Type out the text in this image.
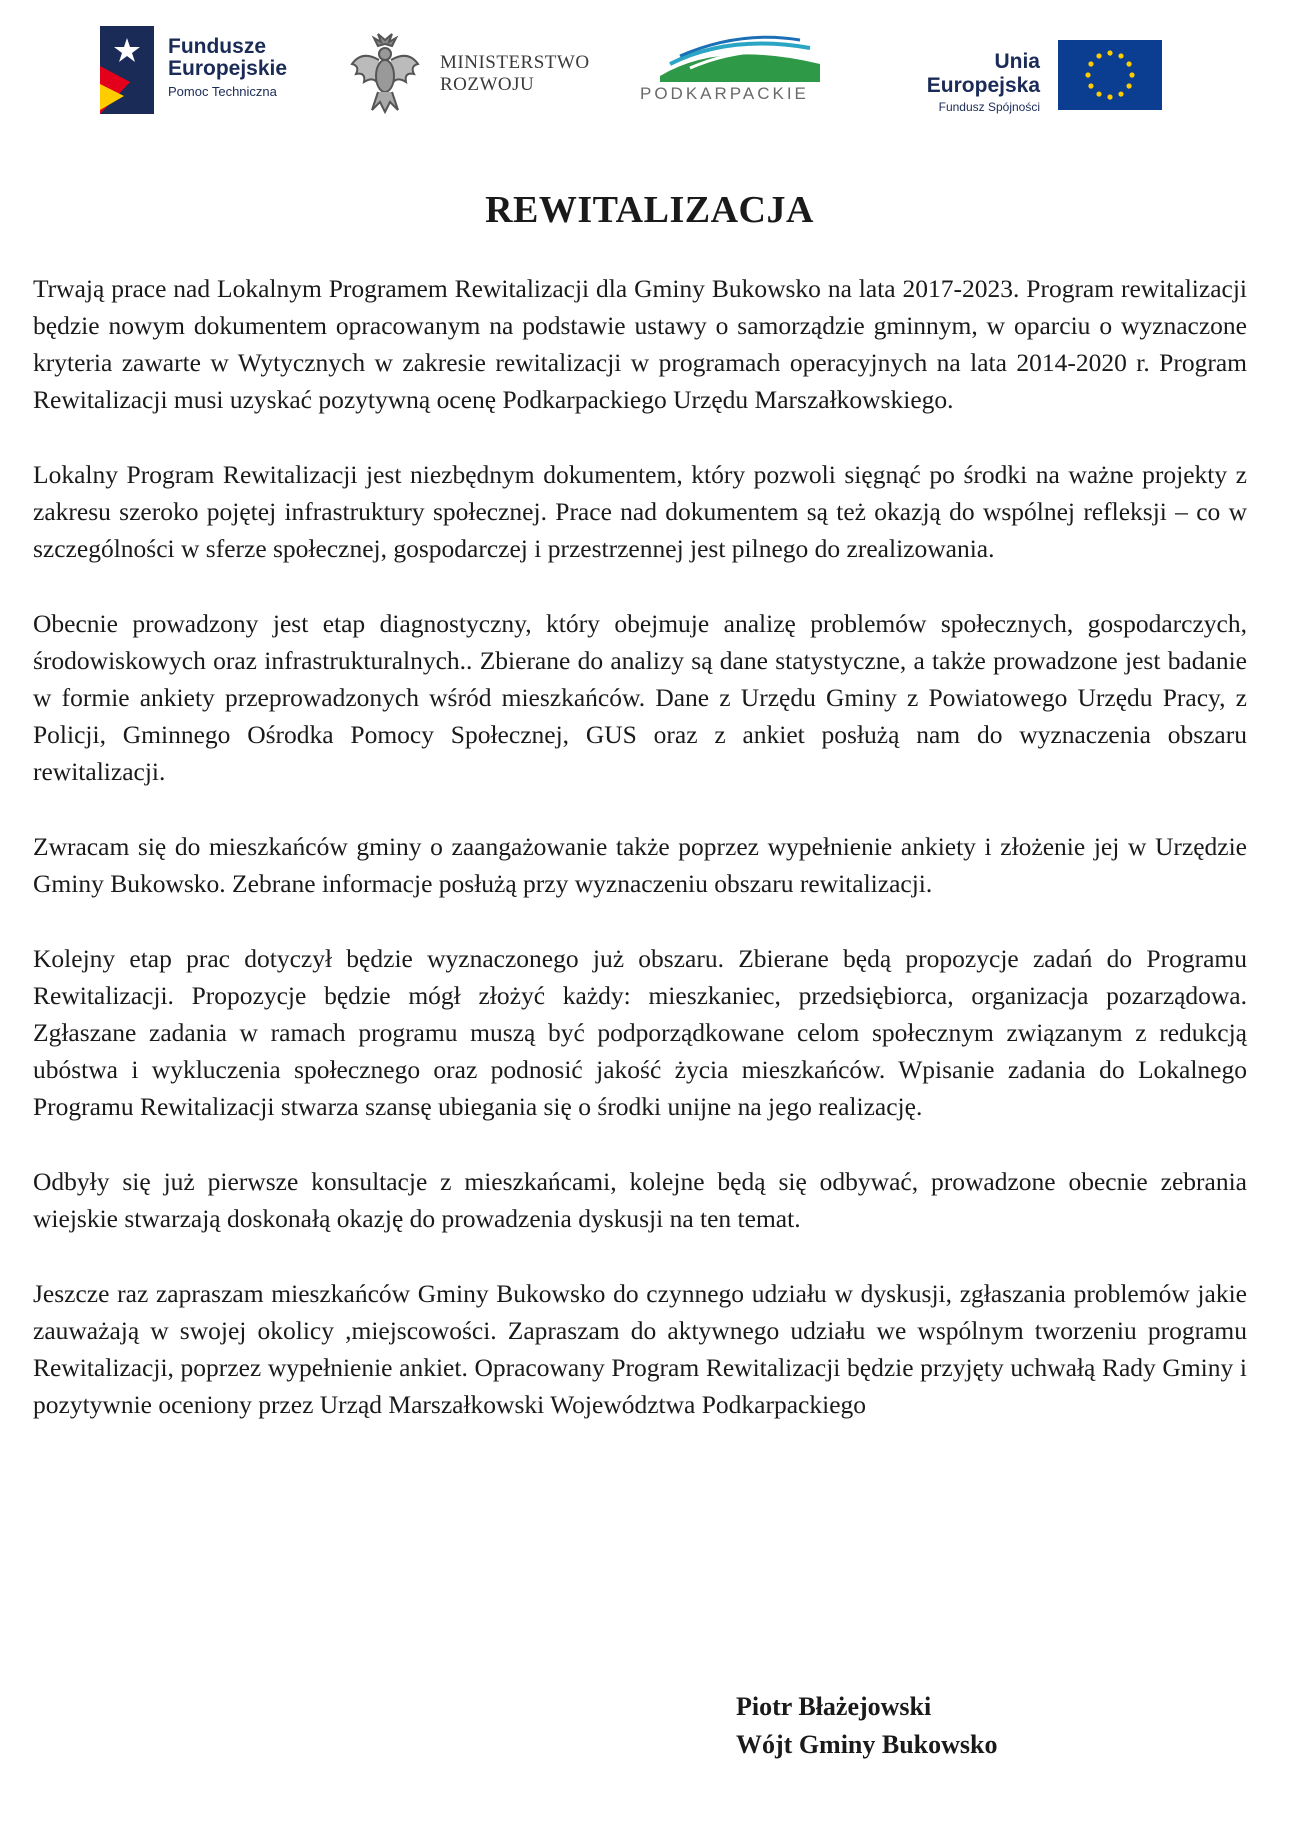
Fundusze
Europejskie
Pomoc Techniczna
MINISTERSTWO
ROZWOJU	PODKARPACKIE
Unia Europejska
Fundusz Spójności
REWITALIZACJA

Trwają prace nad Lokalnym Programem Rewitalizacji dla Gminy Bukowsko na lata 2017-2023. Program rewitalizacji będzie nowym dokumentem opracowanym na podstawie ustawy o samorządzie gminnym, w oparciu o wyznaczone kryteria zawarte w Wytycznych w zakresie rewitalizacji w programach operacyjnych na lata 2014-2020 r. Program Rewitalizacji musi uzyskać pozytywną ocenę Podkarpackiego Urzędu Marszałkowskiego.

Lokalny Program Rewitalizacji jest niezbędnym dokumentem, który pozwoli sięgnąć po środki na ważne projekty z zakresu szeroko pojętej infrastruktury społecznej. Prace nad dokumentem są też okazją do wspólnej refleksji – co w szczególności w sferze społecznej, gospodarczej i przestrzennej jest pilnego do zrealizowania.

Obecnie prowadzony jest etap diagnostyczny, który obejmuje analizę problemów społecznych, gospodarczych, środowiskowych oraz infrastrukturalnych.. Zbierane do analizy są dane statystyczne, a także prowadzone jest badanie w formie ankiety przeprowadzonych wśród mieszkańców. Dane z Urzędu Gminy z Powiatowego Urzędu Pracy, z Policji, Gminnego Ośrodka Pomocy Społecznej, GUS oraz z ankiet posłużą nam do wyznaczenia obszaru rewitalizacji.

Zwracam się do mieszkańców gminy o zaangażowanie także poprzez wypełnienie ankiety i złożenie jej w Urzędzie Gminy Bukowsko. Zebrane informacje posłużą przy wyznaczeniu obszaru rewitalizacji.

Kolejny etap prac dotyczył będzie wyznaczonego już obszaru. Zbierane będą propozycje zadań do Programu Rewitalizacji. Propozycje będzie mógł złożyć każdy: mieszkaniec, przedsiębiorca, organizacja pozarządowa. Zgłaszane zadania w ramach programu muszą być podporządkowane celom społecznym związanym z redukcją ubóstwa i wykluczenia społecznego oraz podnosić jakość życia mieszkańców. Wpisanie zadania do Lokalnego Programu Rewitalizacji stwarza szansę ubiegania się o środki unijne na jego realizację.

Odbyły się już pierwsze konsultacje z mieszkańcami, kolejne będą się odbywać, prowadzone obecnie zebrania wiejskie stwarzają doskonałą okazję do prowadzenia dyskusji na ten temat.

Jeszcze raz zapraszam mieszkańców Gminy Bukowsko do czynnego udziału w dyskusji, zgłaszania problemów jakie zauważają w swojej okolicy ,miejscowości. Zapraszam do aktywnego udziału we wspólnym tworzeniu programu Rewitalizacji, poprzez wypełnienie ankiet. Opracowany Program Rewitalizacji będzie przyjęty uchwałą Rady Gminy i pozytywnie oceniony przez Urząd Marszałkowski Województwa Podkarpackiego

Piotr Błażejowski
Wójt Gminy Bukowsko
